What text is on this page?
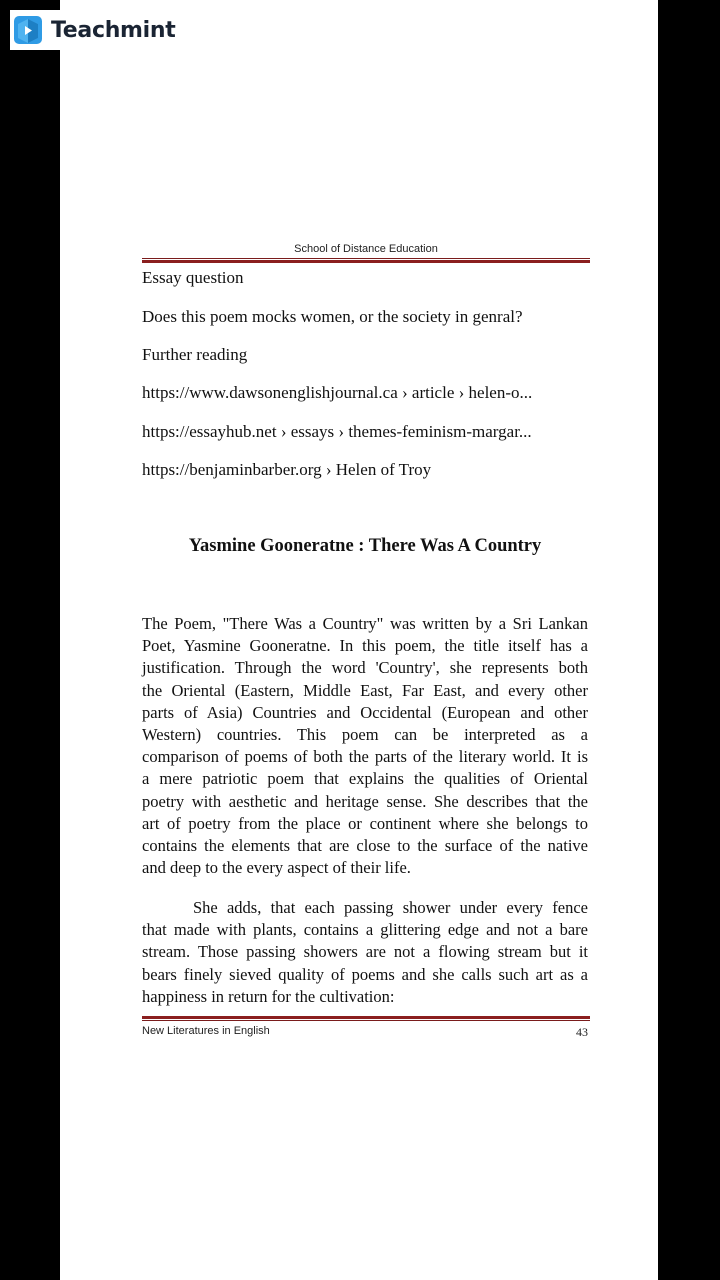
Teachmint
School of Distance Education
Essay question
Does this poem mocks women, or the society in genral?
Further reading
https://www.dawsonenglishjournal.ca › article › helen-o...
https://essayhub.net › essays › themes-feminism-margar...
https://benjaminbarber.org › Helen of Troy
Yasmine Gooneratne : There Was A Country
The Poem, "There Was a Country" was written by a Sri Lankan
Poet, Yasmine Gooneratne. In this poem, the title itself has a
justification. Through the word 'Country', she represents both
the Oriental (Eastern, Middle East, Far East, and every other
parts of Asia) Countries and Occidental (European and other
Western) countries. This poem can be interpreted as a
comparison of poems of both the parts of the literary world. It is
a mere patriotic poem that explains the qualities of Oriental
poetry with aesthetic and heritage sense. She describes that the
art of poetry from the place or continent where she belongs to
contains the elements that are close to the surface of the native
and deep to the every aspect of their life.
She adds, that each passing shower under every fence
that made with plants, contains a glittering edge and not a bare
stream. Those passing showers are not a flowing stream but it
bears finely sieved quality of poems and she calls such art as a
happiness in return for the cultivation:
New Literatures in English	43
